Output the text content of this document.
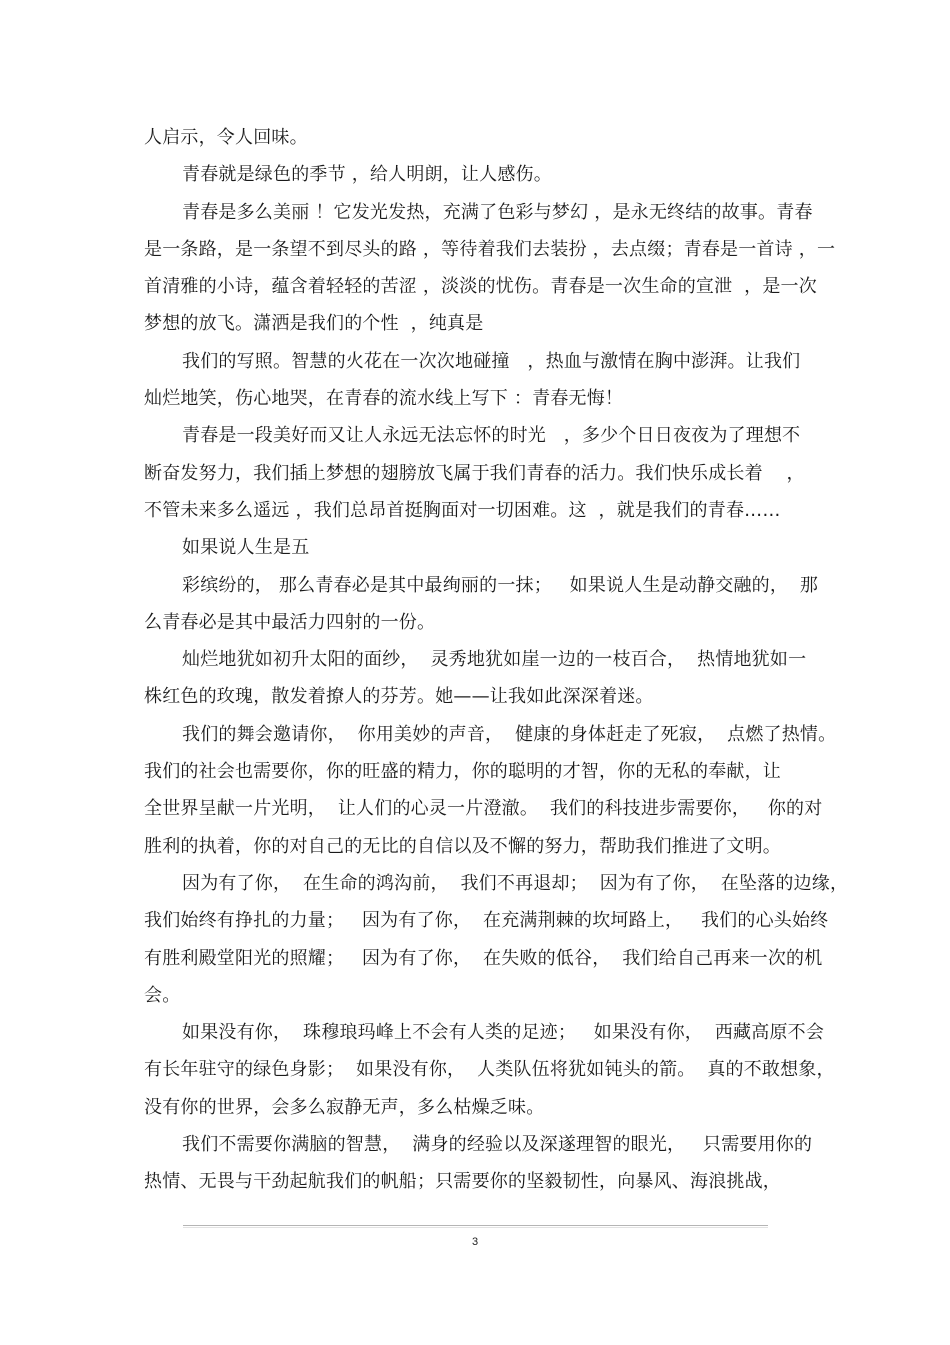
人启示，令人回味。
青春就是绿色的季节 ，给人明朗，让人感伤。
青春是多么美丽 ！它发光发热，充满了色彩与梦幻 ，是永无终结的故事。青春
是一条路，是一条望不到尽头的路 ，等待着我们去装扮 ，去点缀；青春是一首诗 ，一
首清雅的小诗，蕴含着轻轻的苦涩 ，淡淡的忧伤。青春是一次生命的宣泄  ，是一次
梦想的放飞。潇洒是我们的个性  ，纯真是
我们的写照。智慧的火花在一次次地碰撞   ，热血与激情在胸中澎湃。让我们
灿烂地笑，伤心地哭，在青春的流水线上写下 ：青春无悔！
青春是一段美好而又让人永远无法忘怀的时光   ，多少个日日夜夜为了理想不
断奋发努力，我们插上梦想的翅膀放飞属于我们青春的活力。我们快乐成长着    ，
不管未来多么遥远 ，我们总昂首挺胸面对一切困难。这  ，就是我们的青春……
如果说人生是五
彩缤纷的， 那么青春必是其中最绚丽的一抹；   如果说人生是动静交融的，  那
么青春必是其中最活力四射的一份。
灿烂地犹如初升太阳的面纱，  灵秀地犹如崖一边的一枝百合，  热情地犹如一
株红色的玫瑰，散发着撩人的芬芳。她——让我如此深深着迷。
我们的舞会邀请你，  你用美妙的声音，  健康的身体赶走了死寂，  点燃了热情。
我们的社会也需要你，你的旺盛的精力，你的聪明的才智，你的无私的奉献，让
全世界呈献一片光明，  让人们的心灵一片澄澈。  我们的科技进步需要你，   你的对
胜利的执着，你的对自己的无比的自信以及不懈的努力，帮助我们推进了文明。
因为有了你，  在生命的鸿沟前，  我们不再退却；  因为有了你，  在坠落的边缘，
我们始终有挣扎的力量；   因为有了你，  在充满荆棘的坎坷路上，   我们的心头始终
有胜利殿堂阳光的照耀；   因为有了你，  在失败的低谷，  我们给自己再来一次的机
会。
如果没有你，  珠穆琅玛峰上不会有人类的足迹；   如果没有你，  西藏高原不会
有长年驻守的绿色身影；  如果没有你，  人类队伍将犹如钝头的箭。  真的不敢想象，
没有你的世界，会多么寂静无声，多么枯燥乏味。
我们不需要你满脑的智慧，  满身的经验以及深遂理智的眼光，   只需要用你的
热情、无畏与干劲起航我们的帆船；只需要你的坚毅韧性，向暴风、海浪挑战，
3
